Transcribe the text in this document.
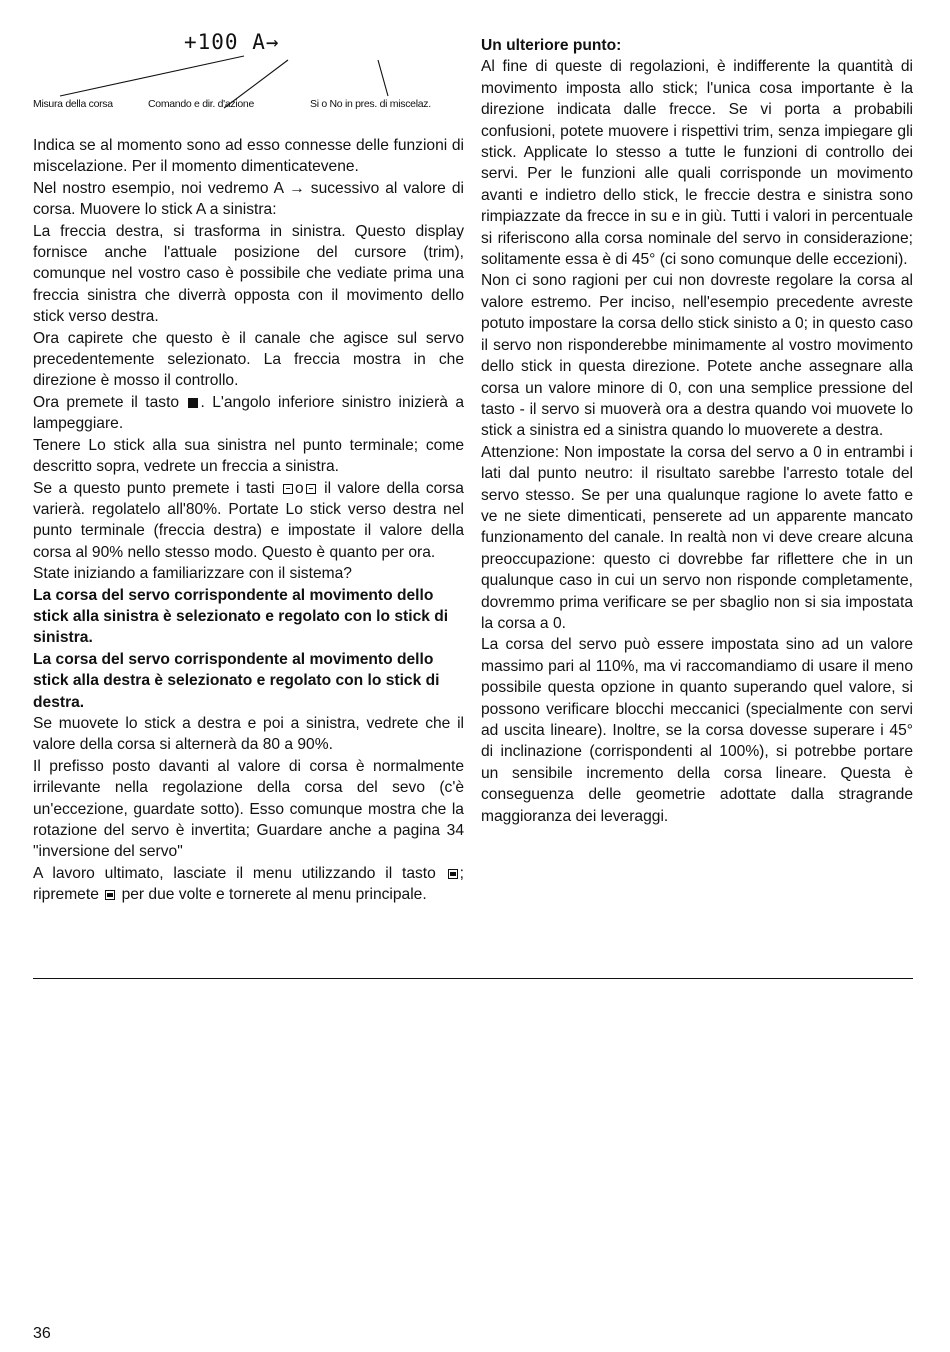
+100 A→
Misura della corsa	Comando e dir. d'azione	Si o No in pres. di miscelaz.

Indica se al momento sono ad esso connesse delle funzioni di miscelazione. Per il momento dimenticatevene.

Nel nostro esempio, noi vedremo A → sucessivo al valore di corsa. Muovere lo stick A a sinistra:

La freccia destra, si trasforma in sinistra. Questo display fornisce anche l'attuale posizione del cursore (trim), comunque nel vostro caso è possibile che vediate prima una freccia sinistra che diverrà opposta con il movimento dello stick verso destra.

Ora capirete che questo è il canale che agisce sul servo precedentemente selezionato. La freccia mostra in che direzione è mosso il controllo.

Ora premete il tasto . L'angolo inferiore sinistro inizierà a lampeggiare.

Tenere Lo stick alla sua sinistra nel punto terminale; come descritto sopra, vedrete un freccia a sinistra.

Se a questo punto premete i tasti o il valore della corsa varierà. regolatelo all'80%. Portate Lo stick verso destra nel punto terminale (freccia destra) e impostate il valore della corsa al 90% nello stesso modo. Questo è quanto per ora.

State iniziando a familiarizzare con il sistema?

La corsa del servo corrispondente al movimento dello stick alla sinistra è selezionato e regolato con lo stick di sinistra.

La corsa del servo corrispondente al movimento dello stick alla destra è selezionato e regolato con lo stick di destra.

Se muovete lo stick a destra e poi a sinistra, vedrete che il valore della corsa si alternerà da 80 a 90%.

Il prefisso posto davanti al valore di corsa è normalmente irrilevante nella regolazione della corsa del sevo (c'è un'eccezione, guardate sotto). Esso comunque mostra che la rotazione del servo è invertita; Guardare anche a pagina 34 "inversione del servo"

A lavoro ultimato, lasciate il menu utilizzando il tasto ; ripremete per due volte e tornerete al menu principale.

Un ulteriore punto:

Al fine di queste di regolazioni, è indifferente la quantità di movimento imposta allo stick; l'unica cosa importante è la direzione indicata dalle frecce. Se vi porta a probabili confusioni, potete muovere i rispettivi trim, senza impiegare gli stick. Applicate lo stesso a tutte le funzioni di controllo dei servi. Per le funzioni alle quali corrisponde un movimento avanti e indietro dello stick, le freccie destra e sinistra sono rimpiazzate da frecce in su e in giù. Tutti i valori in percentuale si riferiscono alla corsa nominale del servo in considerazione; solitamente essa è di 45° (ci sono comunque delle eccezioni).

Non ci sono ragioni per cui non dovreste regolare la corsa al valore estremo. Per inciso, nell'esempio precedente avreste potuto impostare la corsa dello stick sinisto a 0; in questo caso il servo non risponderebbe minimamente al vostro movimento dello stick in questa direzione. Potete anche assegnare alla corsa un valore minore di 0, con una semplice pressione del tasto - il servo si muoverà ora a destra quando voi muovete lo stick a sinistra ed a sinistra quando lo muoverete a destra.

Attenzione: Non impostate la corsa del servo a 0 in entrambi i lati dal punto neutro: il risultato sarebbe l'arresto totale del servo stesso. Se per una qualunque ragione lo avete fatto e ve ne siete dimenticati, penserete ad un apparente mancato funzionamento del canale. In realtà non vi deve creare alcuna preoccupazione: questo ci dovrebbe far riflettere che in un qualunque caso in cui un servo non risponde completamente, dovremmo prima verificare se per sbaglio non si sia impostata la corsa a 0.

La corsa del servo può essere impostata sino ad un valore massimo pari al 110%, ma vi raccomandiamo di usare il meno possibile questa opzione in quanto superando quel valore, si possono verificare blocchi meccanici (specialmente con servi ad uscita lineare). Inoltre, se la corsa dovesse superare i 45° di inclinazione (corrispondenti al 100%), si potrebbe portare un sensibile incremento della corsa lineare. Questa è conseguenza delle geometrie adottate dalla stragrande maggioranza dei leveraggi.

36
